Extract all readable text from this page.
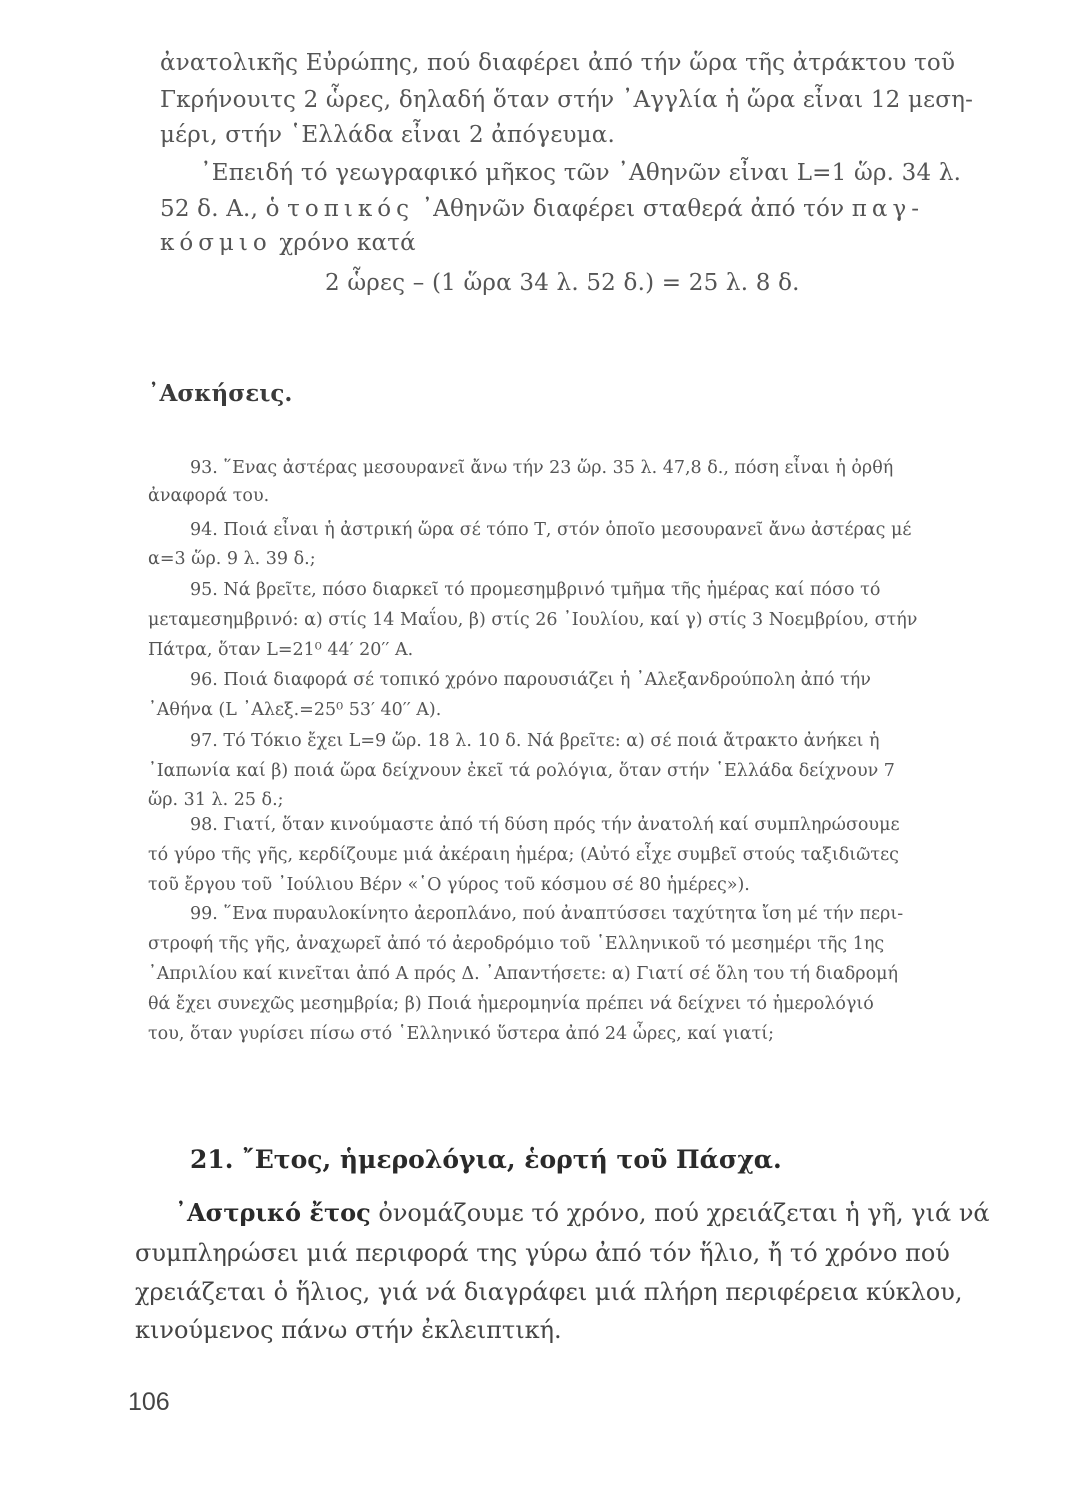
ἀνατολικῆς Εὐρώπης, πού διαφέρει ἀπό τήν ὥρα τῆς ἀτράκτου τοῦ

Γκρήνουιτς 2 ὧρες, δηλαδή ὅταν στήν ᾿Αγγλία ἡ ὥρα εἶναι 12 μεση-

μέρι, στήν ῾Ελλάδα εἶναι 2 ἀπόγευμα.

᾿Επειδή τό γεωγραφικό μῆκος τῶν ᾿Αθηνῶν εἶναι L=1 ὥρ. 34 λ.

52 δ. Α., ὁ τοπικός ᾿Αθηνῶν διαφέρει σταθερά ἀπό τόν παγ-

κόσμιο χρόνο κατά

2 ὧρες – (1 ὥρα 34 λ. 52 δ.) = 25 λ. 8 δ.

᾿Ασκήσεις.

93. ῞Ενας ἀστέρας μεσουρανεῖ ἄνω τήν 23 ὥρ. 35 λ. 47,8 δ., πόση εἶναι ἡ ὀρθή

ἀναφορά του.

94. Ποιά εἶναι ἡ ἀστρική ὥρα σέ τόπο Τ, στόν ὁποῖο μεσουρανεῖ ἄνω ἀστέρας μέ

α=3 ὥρ. 9 λ. 39 δ.;

95. Νά βρεῖτε, πόσο διαρκεῖ τό προμεσημβρινό τμῆμα τῆς ἡμέρας καί πόσο τό

μεταμεσημβρινό: α) στίς 14 Μαΐου, β) στίς 26 ᾿Ιουλίου, καί γ) στίς 3 Νοεμβρίου, στήν

Πάτρα, ὅταν L=21⁰ 44′ 20′′ Α.

96. Ποιά διαφορά σέ τοπικό χρόνο παρουσιάζει ἡ ᾿Αλεξανδρούπολη ἀπό τήν

᾿Αθήνα (L ᾿Αλεξ.=25⁰ 53′ 40′′ Α).

97. Τό Τόκιο ἔχει L=9 ὥρ. 18 λ. 10 δ. Νά βρεῖτε: α) σέ ποιά ἄτρακτο ἀνήκει ἡ

᾿Ιαπωνία καί β) ποιά ὥρα δείχνουν ἐκεῖ τά ρολόγια, ὅταν στήν ῾Ελλάδα δείχνουν 7

ὥρ. 31 λ. 25 δ.;

98. Γιατί, ὅταν κινούμαστε ἀπό τή δύση πρός τήν ἀνατολή καί συμπληρώσουμε

τό γύρο τῆς γῆς, κερδίζουμε μιά ἀκέραιη ἡμέρα; (Αὐτό εἶχε συμβεῖ στούς ταξιδιῶτες

τοῦ ἔργου τοῦ ᾿Ιούλιου Βέρν «῾Ο γύρος τοῦ κόσμου σέ 80 ἡμέρες»).

99. ῞Ενα πυραυλοκίνητο ἀεροπλάνο, πού ἀναπτύσσει ταχύτητα ἴση μέ τήν περι-

στροφή τῆς γῆς, ἀναχωρεῖ ἀπό τό ἀεροδρόμιο τοῦ ῾Ελληνικοῦ τό μεσημέρι τῆς 1ης

᾿Απριλίου καί κινεῖται ἀπό Α πρός Δ. ᾿Απαντήσετε: α) Γιατί σέ ὅλη του τή διαδρομή

θά ἔχει συνεχῶς μεσημβρία; β) Ποιά ἡμερομηνία πρέπει νά δείχνει τό ἡμερολόγιό

του, ὅταν γυρίσει πίσω στό ῾Ελληνικό ὕστερα ἀπό 24 ὧρες, καί γιατί;

21. ῎Ετος, ἡμερολόγια, ἑορτή τοῦ Πάσχα.

᾿Αστρικό ἔτος ὀνομάζουμε τό χρόνο, πού χρειάζεται ἡ γῆ, γιά νά

συμπληρώσει μιά περιφορά της γύρω ἀπό τόν ἥλιο, ἤ τό χρόνο πού

χρειάζεται ὁ ἥλιος, γιά νά διαγράφει μιά πλήρη περιφέρεια κύκλου,

κινούμενος πάνω στήν ἐκλειπτική.

106
